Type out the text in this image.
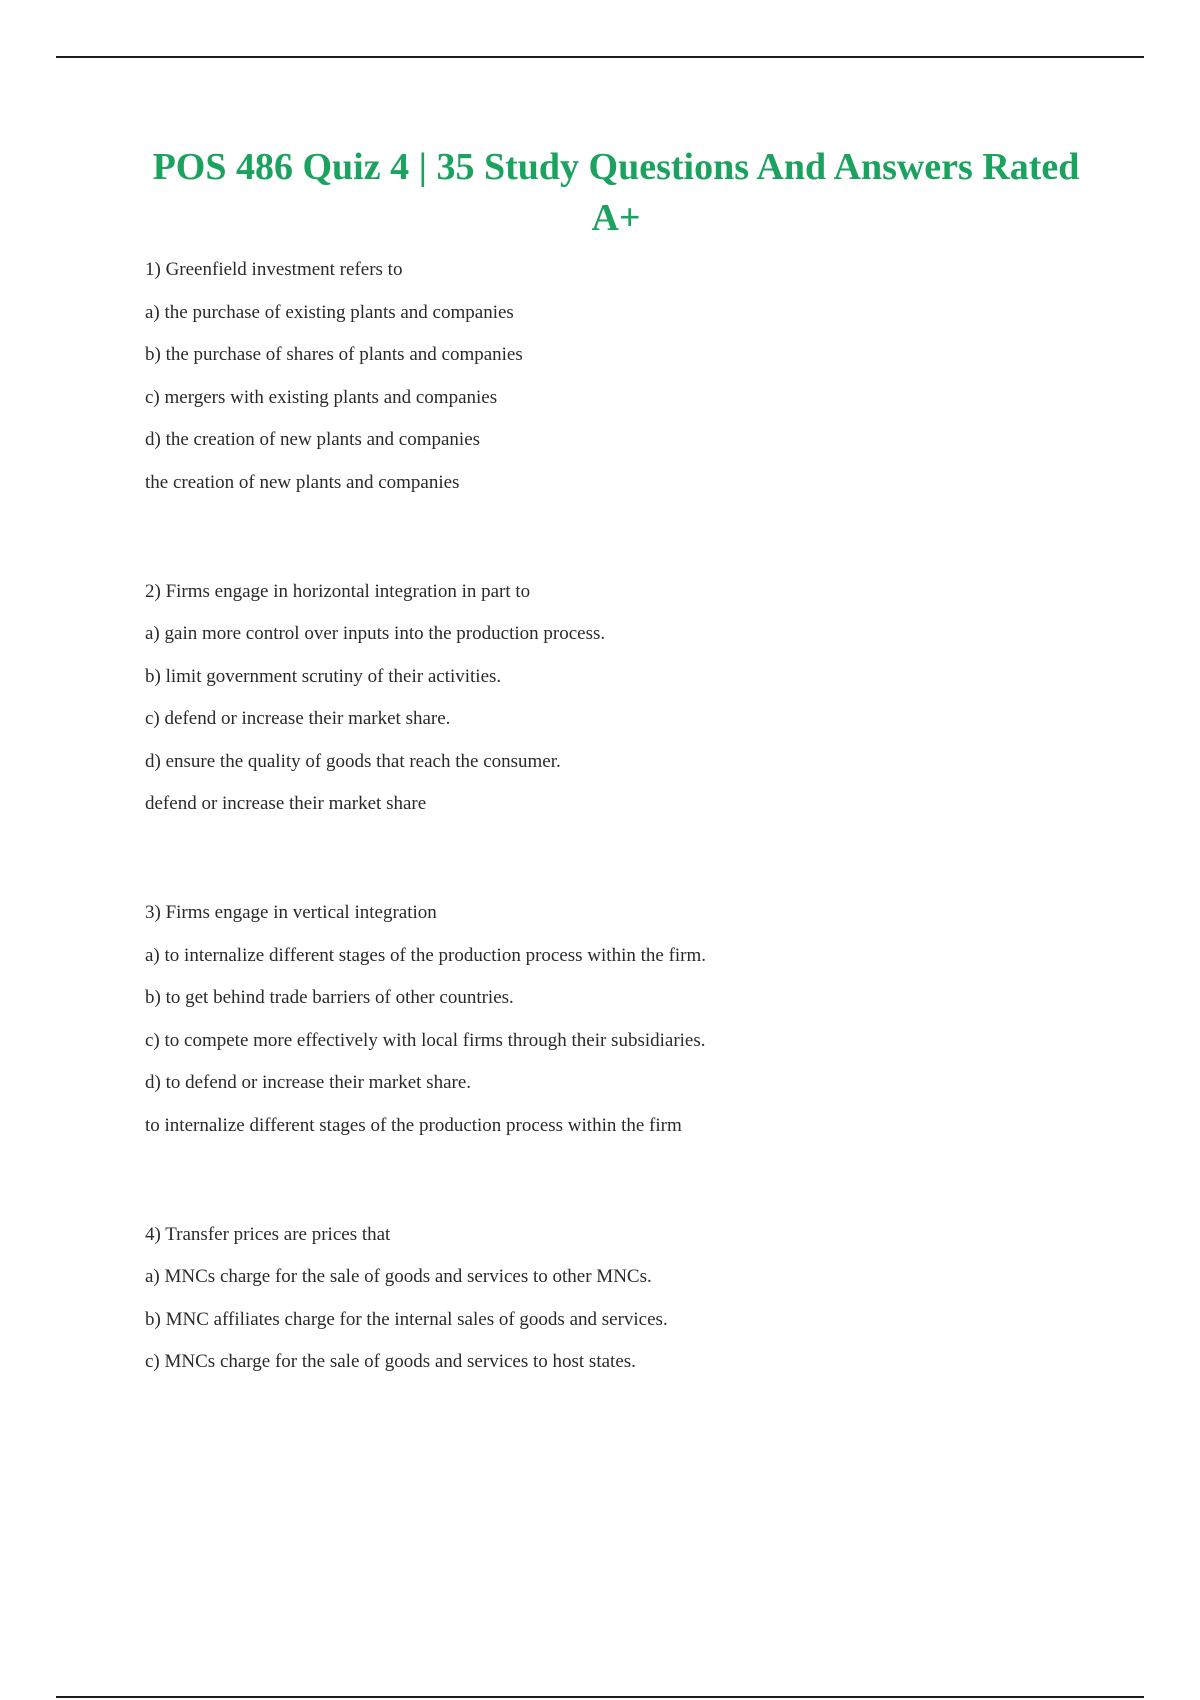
POS 486 Quiz 4 | 35 Study Questions And Answers Rated A+
1) Greenfield investment refers to
a) the purchase of existing plants and companies
b) the purchase of shares of plants and companies
c) mergers with existing plants and companies
d) the creation of new plants and companies
the creation of new plants and companies
2) Firms engage in horizontal integration in part to
a) gain more control over inputs into the production process.
b) limit government scrutiny of their activities.
c) defend or increase their market share.
d) ensure the quality of goods that reach the consumer.
defend or increase their market share
3) Firms engage in vertical integration
a) to internalize different stages of the production process within the firm.
b) to get behind trade barriers of other countries.
c) to compete more effectively with local firms through their subsidiaries.
d) to defend or increase their market share.
to internalize different stages of the production process within the firm
4) Transfer prices are prices that
a) MNCs charge for the sale of goods and services to other MNCs.
b) MNC affiliates charge for the internal sales of goods and services.
c) MNCs charge for the sale of goods and services to host states.
